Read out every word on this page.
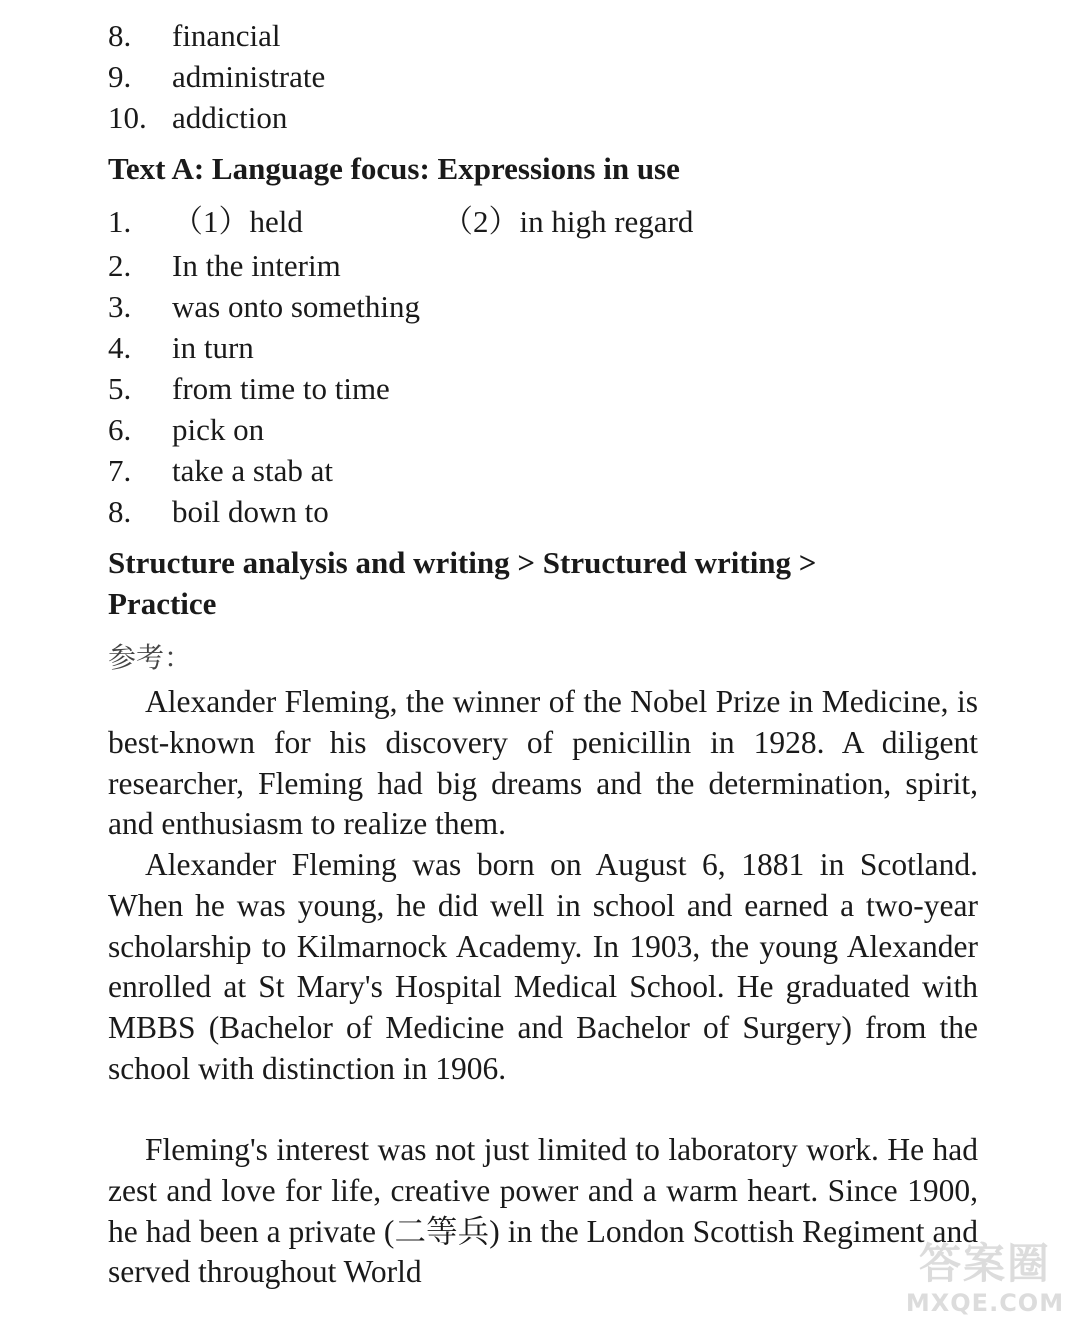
8. financial
9. administrate
10. addiction
Text A: Language focus: Expressions in use
1. （1）held	（2）in high regard
2. In the interim
3. was onto something
4. in turn
5. from time to time
6. pick on
7. take a stab at
8. boil down to
Structure analysis and writing > Structured writing >
Practice
参考：

Alexander Fleming, the winner of the Nobel Prize in Medicine, is best-known for his discovery of penicillin in 1928. A diligent researcher, Fleming had big dreams and the determination, spirit, and enthusiasm to realize them.

Alexander Fleming was born on August 6, 1881 in Scotland. When he was young, he did well in school and earned a two-year scholarship to Kilmarnock Academy. In 1903, the young Alexander enrolled at St Mary's Hospital Medical School. He graduated with MBBS (Bachelor of Medicine and Bachelor of Surgery) from the school with distinction in 1906.

Fleming's interest was not just limited to laboratory work. He had zest and love for life, creative power and a warm heart. Since 1900, he had been a private (二等兵) in the London Scottish Regiment and served throughout World	答案圈
MXQE.COM
